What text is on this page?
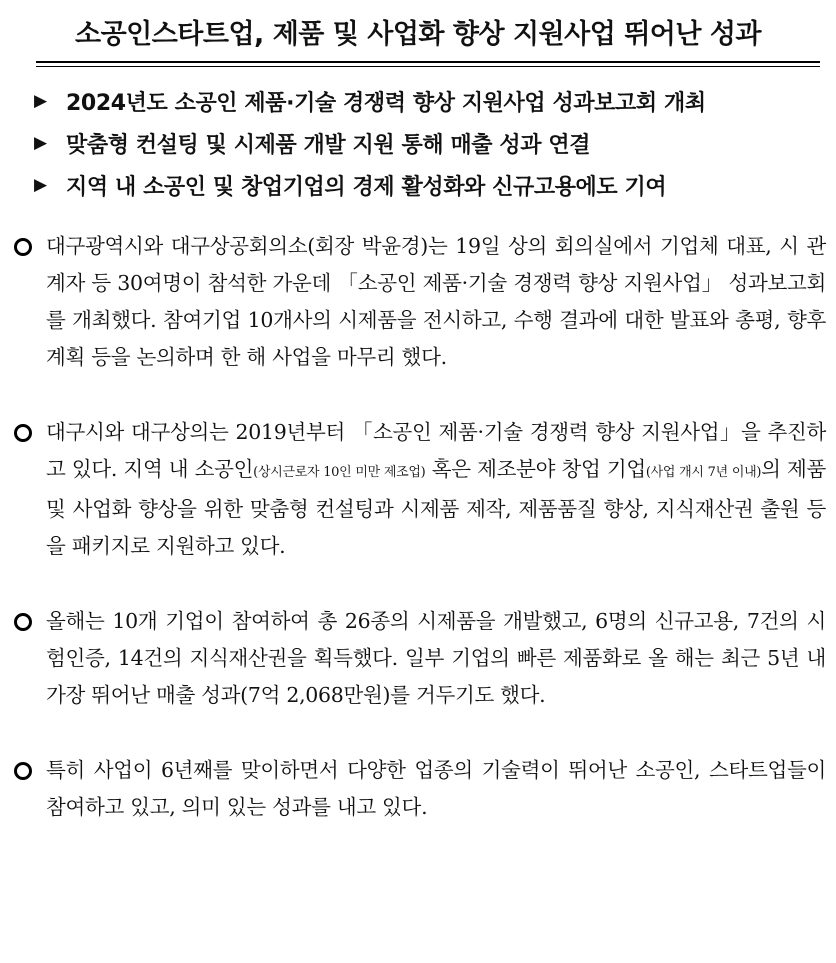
소공인스타트업, 제품 및 사업화 향상 지원사업 뛰어난 성과
▶ 2024년도 소공인 제품·기술 경쟁력 향상 지원사업 성과보고회 개최
▶ 맞춤형 컨설팅 및 시제품 개발 지원 통해 매출 성과 연결
▶ 지역 내 소공인 및 창업기업의 경제 활성화와 신규고용에도 기여
대구광역시와 대구상공회의소(회장 박윤경)는 19일 상의 회의실에서 기업체 대표, 시 관계자 등 30여명이 참석한 가운데 「소공인 제품·기술 경쟁력 향상 지원사업」 성과보고회를 개최했다. 참여기업 10개사의 시제품을 전시하고, 수행 결과에 대한 발표와 총평, 향후 계획 등을 논의하며 한 해 사업을 마무리 했다.
대구시와 대구상의는 2019년부터 「소공인 제품·기술 경쟁력 향상 지원사업」을 추진하고 있다. 지역 내 소공인(상시근로자 10인 미만 제조업) 혹은 제조분야 창업 기업(사업 개시 7년 이내)의 제품 및 사업화 향상을 위한 맞춤형 컨설팅과 시제품 제작, 제품품질 향상, 지식재산권 출원 등을 패키지로 지원하고 있다.
올해는 10개 기업이 참여하여 총 26종의 시제품을 개발했고, 6명의 신규고용, 7건의 시험인증, 14건의 지식재산권을 획득했다. 일부 기업의 빠른 제품화로 올 해는 최근 5년 내 가장 뛰어난 매출 성과(7억 2,068만원)를 거두기도 했다.
특히 사업이 6년째를 맞이하면서 다양한 업종의 기술력이 뛰어난 소공인, 스타트업들이 참여하고 있고, 의미 있는 성과를 내고 있다.
